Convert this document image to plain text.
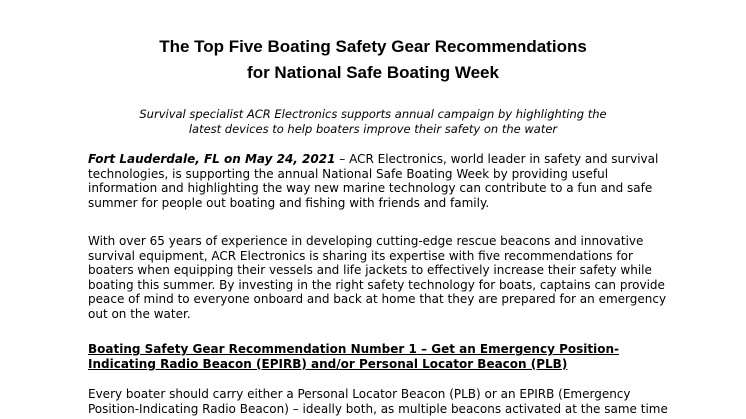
The Top Five Boating Safety Gear Recommendations
for National Safe Boating Week

Survival specialist ACR Electronics supports annual campaign by highlighting the

latest devices to help boaters improve their safety on the water

Fort Lauderdale, FL on May 24, 2021 – ACR Electronics, world leader in safety and survival
technologies, is supporting the annual National Safe Boating Week by providing useful
information and highlighting the way new marine technology can contribute to a fun and safe
summer for people out boating and fishing with friends and family.

With over 65 years of experience in developing cutting-edge rescue beacons and innovative
survival equipment, ACR Electronics is sharing its expertise with five recommendations for
boaters when equipping their vessels and life jackets to effectively increase their safety while
boating this summer. By investing in the right safety technology for boats, captains can provide
peace of mind to everyone onboard and back at home that they are prepared for an emergency
out on the water.

Boating Safety Gear Recommendation Number 1 – Get an Emergency Position-
Indicating Radio Beacon (EPIRB) and/or Personal Locator Beacon (PLB)

Every boater should carry either a Personal Locator Beacon (PLB) or an EPIRB (Emergency
Position-Indicating Radio Beacon) – ideally both, as multiple beacons activated at the same time
